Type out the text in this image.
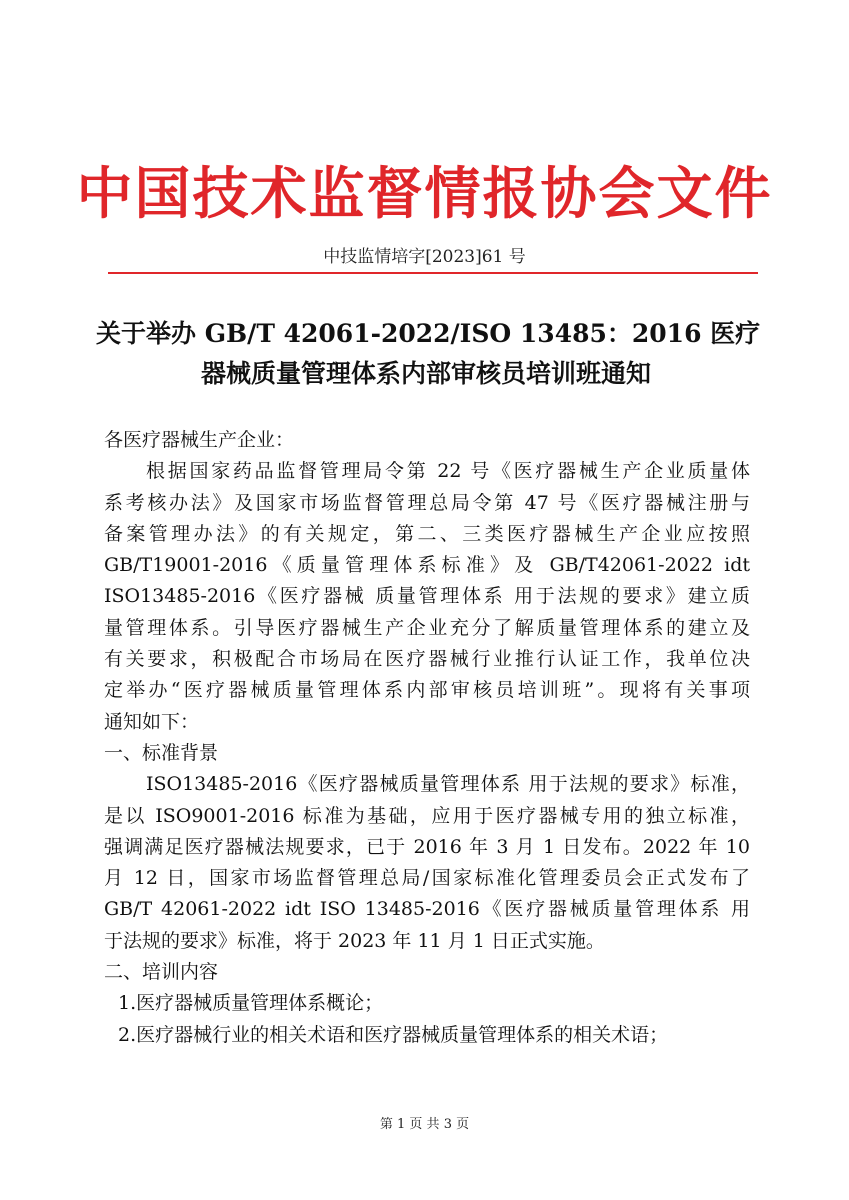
中国技术监督情报协会文件
中技监情培字[2023]61 号
关于举办 GB/T 42061-2022/ISO 13485：2016 医疗
器械质量管理体系内部审核员培训班通知
各医疗器械生产企业：
根据国家药品监督管理局令第 22 号《医疗器械生产企业质量体
系考核办法》及国家市场监督管理总局令第 47 号《医疗器械注册与
备案管理办法》的有关规定，第二、三类医疗器械生产企业应按照
GB/T19001-2016《质量管理体系标准》及 GB/T42061-2022 idt
ISO13485-2016《医疗器械 质量管理体系 用于法规的要求》建立质
量管理体系。引导医疗器械生产企业充分了解质量管理体系的建立及
有关要求，积极配合市场局在医疗器械行业推行认证工作，我单位决
定举办“医疗器械质量管理体系内部审核员培训班”。现将有关事项
通知如下：
一、标准背景
ISO13485-2016《医疗器械质量管理体系 用于法规的要求》标准，
是以 ISO9001-2016 标准为基础，应用于医疗器械专用的独立标准，
强调满足医疗器械法规要求，已于 2016 年 3 月 1 日发布。2022 年 10
月 12 日，国家市场监督管理总局/国家标准化管理委员会正式发布了
GB/T 42061-2022 idt ISO 13485-2016《医疗器械质量管理体系 用
于法规的要求》标准，将于 2023 年 11 月 1 日正式实施。
二、培训内容
1.医疗器械质量管理体系概论；
2.医疗器械行业的相关术语和医疗器械质量管理体系的相关术语；
第 1 页 共 3 页
